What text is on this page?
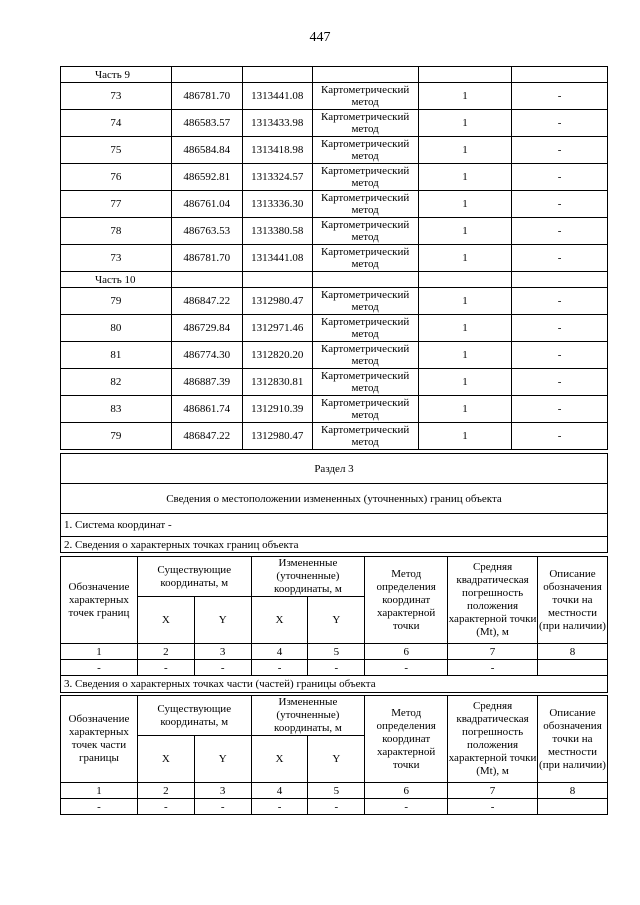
447
Часть 9					
73	486781.70	1313441.08	Картометрический метод	1	-
74	486583.57	1313433.98	Картометрический метод	1	-
75	486584.84	1313418.98	Картометрический метод	1	-
76	486592.81	1313324.57	Картометрический метод	1	-
77	486761.04	1313336.30	Картометрический метод	1	-
78	486763.53	1313380.58	Картометрический метод	1	-
73	486781.70	1313441.08	Картометрический метод	1	-
Часть 10					
79	486847.22	1312980.47	Картометрический метод	1	-
80	486729.84	1312971.46	Картометрический метод	1	-
81	486774.30	1312820.20	Картометрический метод	1	-
82	486887.39	1312830.81	Картометрический метод	1	-
83	486861.74	1312910.39	Картометрический метод	1	-
79	486847.22	1312980.47	Картометрический метод	1	-
Раздел 3
Сведения о местоположении измененных (уточненных) границ объекта
1. Система координат -
2. Сведения о характерных точках границ объекта
Обозначение характерных точек границ	Существующие координаты, м		Измененные (уточненные) координаты, м		Метод определения координат характерной точки	Средняя квадратическая погрешность положения характерной точки (Mt), м	Описание обозначения точки на местности (при наличии)
	X	Y	X	Y			
1	2	3	4	5	6	7	8
-	-	-	-	-	-	-	
3. Сведения о характерных точках части (частей) границы объекта							
Обозначение характерных точек части границы	Существующие координаты, м		Измененные (уточненные) координаты, м		Метод определения координат характерной точки	Средняя квадратическая погрешность положения характерной точки (Mt), м	Описание обозначения точки на местности (при наличии)
	X	Y	X	Y			
1	2	3	4	5	6	7	8
-	-	-	-	-	-	-	
